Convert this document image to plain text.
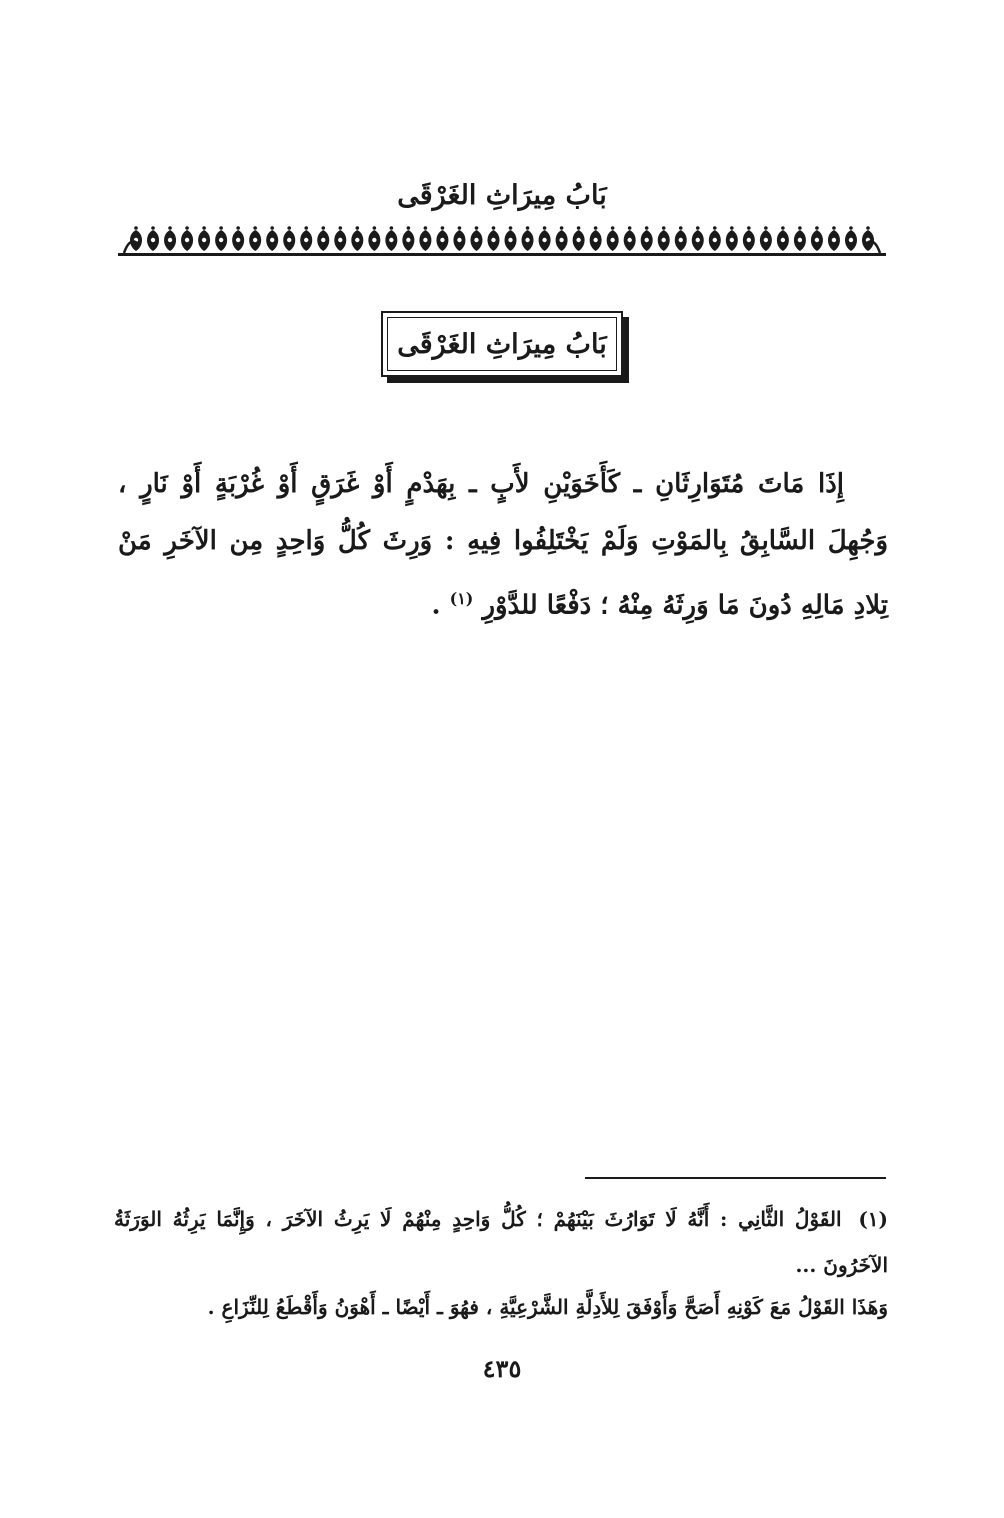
بَابُ مِيرَاثِ الغَرْقَى
بَابُ مِيرَاثِ الغَرْقَى
إِذَا مَاتَ مُتَوَارِثَانِ ـ كَأَخَوَيْنِ لأَبٍ ـ بِهَدْمٍ أَوْ غَرَقٍ أَوْ غُرْبَةٍ أَوْ نَارٍ ، وَجُهِلَ السَّابِقُ بِالمَوْتِ وَلَمْ يَخْتَلِفُوا فِيهِ : وَرِثَ كُلُّ وَاحِدٍ مِن الآخَرِ مَنْ تِلادِ مَالِهِ دُونَ مَا وَرِثَهُ مِنْهُ ؛ دَفْعًا للدَّوْرِ $^{(١)}$ .
(١) القَوْلُ الثَّانِي : أَنَّهُ لَا تَوَارُثَ بَيْنَهُمْ ؛ كُلُّ وَاحِدٍ مِنْهُمْ لَا يَرِثُ الآخَرَ ، وَإِنَّمَا يَرِثُهُ الوَرَثَةُ الآخَرُونَ ...
وَهَذَا القَوْلُ مَعَ كَوْنِهِ أَصَحَّ وَأَوْفَقَ لِلأَدِلَّةِ الشَّرْعِيَّةِ ، فهُوَ ـ أَيْضًا ـ أَهْوَنُ وَأَقْطَعُ لِلنِّزَاعِ .
٤٣٥
